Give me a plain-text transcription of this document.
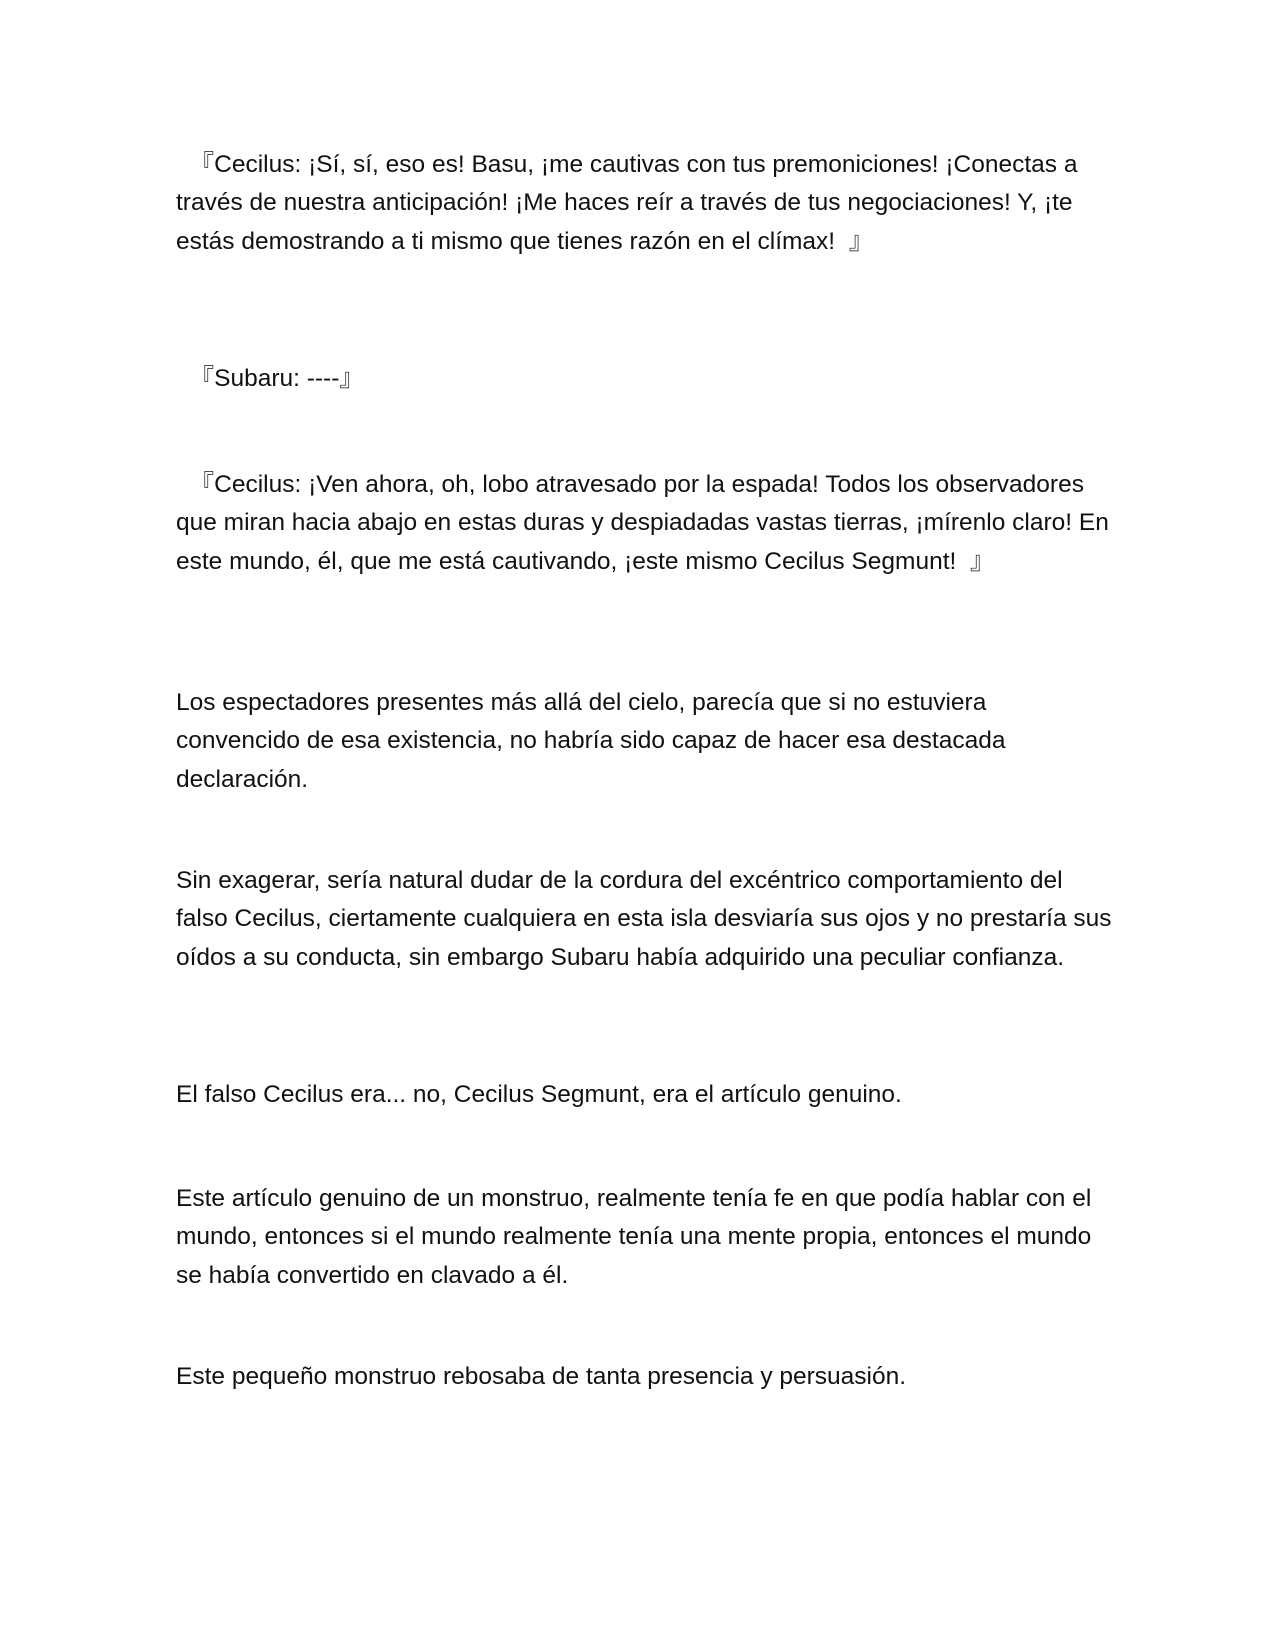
『Cecilus: ¡Sí, sí, eso es! Basu, ¡me cautivas con tus premoniciones! ¡Conectas a través de nuestra anticipación! ¡Me haces reír a través de tus negociaciones! Y, ¡te estás demostrando a ti mismo que tienes razón en el clímax!  』

『Subaru: ----』

『Cecilus: ¡Ven ahora, oh, lobo atravesado por la espada! Todos los observadores que miran hacia abajo en estas duras y despiadadas vastas tierras, ¡mírenlo claro! En este mundo, él, que me está cautivando, ¡este mismo Cecilus Segmunt!  』

Los espectadores presentes más allá del cielo, parecía que si no estuviera convencido de esa existencia, no habría sido capaz de hacer esa destacada declaración.

Sin exagerar, sería natural dudar de la cordura del excéntrico comportamiento del falso Cecilus, ciertamente cualquiera en esta isla desviaría sus ojos y no prestaría sus oídos a su conducta, sin embargo Subaru había adquirido una peculiar confianza.

El falso Cecilus era... no, Cecilus Segmunt, era el artículo genuino.

Este artículo genuino de un monstruo, realmente tenía fe en que podía hablar con el mundo, entonces si el mundo realmente tenía una mente propia, entonces el mundo se había convertido en clavado a él.

Este pequeño monstruo rebosaba de tanta presencia y persuasión.
